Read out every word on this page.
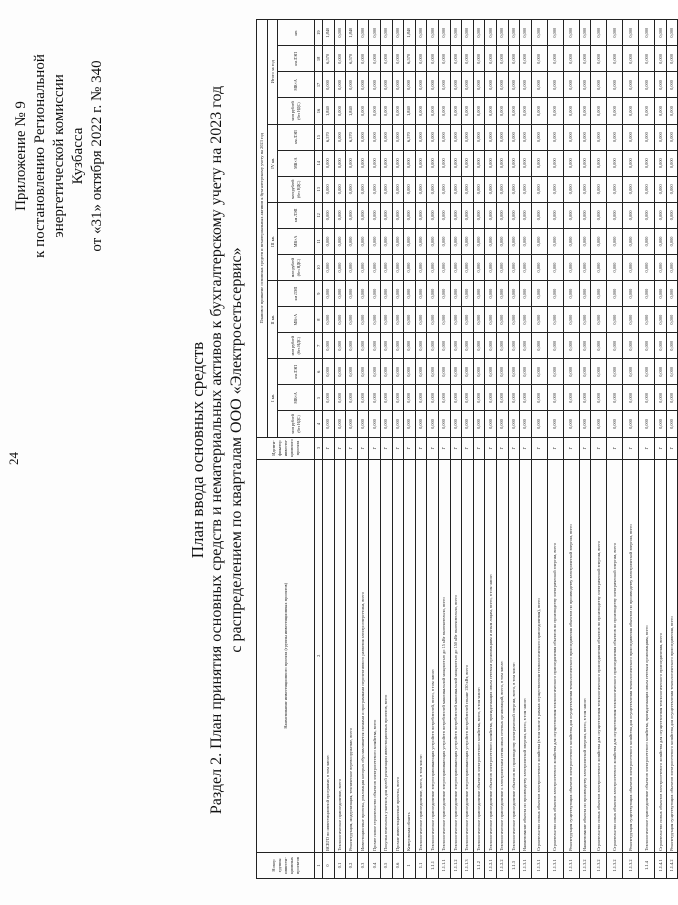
24
Приложение № 9 к постановлению Региональной энергетической комиссии Кузбасса от «31» октября 2022 г. № 340
План ввода основных средств Раздел 2. План принятия основных средств и нематериальных активов к бухгалтерскому учету на 2023 год с распределением по кварталам ООО «Электросетьсервис»
Номер группы инвести-ционных проектов	Наименование инвестиционного проекта (группы инвестиционных проектов)	Иденти-фикатор инвести-ционного проекта	Плановое принятие основных средств и нематериальных активов к бухгалтерскому учету на 2023 год															
			I кв.			II кв.			III кв.			IV кв.			Итого за год			
			млн рублей (без НДС)	МВ×А	км ЛЭП	млн рублей (без НДС)	МВ×А	км ЛЭП	млн рублей (без НДС)	МВ×А	км ЛЭП	млн рублей (без НДС)	МВ×А	км ЛЭП	млн рублей (без НДС)	МВ×А	км ЛЭП	шт.
1	2	3	4	5	6	7	8	9	10	11	12	13	14	15	16	17	18	19
0	ВСЕГО по инвестиционной программе, в том числе:	Г	0,000	0,000	0,000	0,000	0,000	0,000	0,000	0,000	0,000	0,000	0,000	6,570	1,840	0,000	6,570	1,840
0.1	Технологическое присоединение, всего	Г	0,000	0,000	0,000	0,000	0,000	0,000	0,000	0,000	0,000	0,000	0,000	0,000	0,000	0,000	0,000	0,000
0.2	Реконструкция, модернизация, техническое перевооружение, всего	Г	0,000	0,000	0,000	0,000	0,000	0,000	0,000	0,000	0,000	0,000	0,000	6,570	1,840	0,000	6,570	1,840
0.3	Инвестиционные проекты, реализация которых обуславливается схемами и программами перспективного развития электроэнергетики, всего	Г	0,000	0,000	0,000	0,000	0,000	0,000	0,000	0,000	0,000	0,000	0,000	0,000	0,000	0,000	0,000	0,000
0.4	Прочее новое строительство объектов электросетевого хозяйства, всего	Г	0,000	0,000	0,000	0,000	0,000	0,000	0,000	0,000	0,000	0,000	0,000	0,000	0,000	0,000	0,000	0,000
0.5	Покупка земельных участков для целей реализации инвестиционных проектов, всего	Г	0,000	0,000	0,000	0,000	0,000	0,000	0,000	0,000	0,000	0,000	0,000	0,000	0,000	0,000	0,000	0,000
0.6	Прочие инвестиционные проекты, всего	Г	0,000	0,000	0,000	0,000	0,000	0,000	0,000	0,000	0,000	0,000	0,000	0,000	0,000	0,000	0,000	0,000
1	Кемеровская область	Г	0,000	0,000	0,000	0,000	0,000	0,000	0,000	0,000	0,000	0,000	0,000	6,570	1,840	0,000	6,570	1,840
1.1	Технологическое присоединение, всего, в том числе:	Г	0,000	0,000	0,000	0,000	0,000	0,000	0,000	0,000	0,000	0,000	0,000	0,000	0,000	0,000	0,000	0,000
1.1.1	Технологическое присоединение энергопринимающих устройств потребителей, всего, в том числе:	Г	0,000	0,000	0,000	0,000	0,000	0,000	0,000	0,000	0,000	0,000	0,000	0,000	0,000	0,000	0,000	0,000
1.1.1.1	Технологическое присоединение энергопринимающих устройств потребителей максимальной мощностью до 15 кВт включительно, всего	Г	0,000	0,000	0,000	0,000	0,000	0,000	0,000	0,000	0,000	0,000	0,000	0,000	0,000	0,000	0,000	0,000
1.1.1.2	Технологическое присоединение энергопринимающих устройств потребителей максимальной мощностью до 150 кВт включительно, всего	Г	0,000	0,000	0,000	0,000	0,000	0,000	0,000	0,000	0,000	0,000	0,000	0,000	0,000	0,000	0,000	0,000
1.1.1.3	Технологическое присоединение энергопринимающих устройств потребителей свыше 150 кВт, всего	Г	0,000	0,000	0,000	0,000	0,000	0,000	0,000	0,000	0,000	0,000	0,000	0,000	0,000	0,000	0,000	0,000
1.1.2	Технологическое присоединение объектов электросетевого хозяйства, всего, в том числе:	Г	0,000	0,000	0,000	0,000	0,000	0,000	0,000	0,000	0,000	0,000	0,000	0,000	0,000	0,000	0,000	0,000
1.1.2.1	Технологическое присоединение объектов электросетевого хозяйства, принадлежащих иным сетевым организациям и иным лицам, всего, в том числе:	Г	0,000	0,000	0,000	0,000	0,000	0,000	0,000	0,000	0,000	0,000	0,000	0,000	0,000	0,000	0,000	0,000
1.1.2.2	Технологическое присоединение к электрическим сетям иных сетевых организаций, всего, в том числе:	Г	0,000	0,000	0,000	0,000	0,000	0,000	0,000	0,000	0,000	0,000	0,000	0,000	0,000	0,000	0,000	0,000
1.1.3	Технологическое присоединение объектов по производству электрической энергии, всего, в том числе:	Г	0,000	0,000	0,000	0,000	0,000	0,000	0,000	0,000	0,000	0,000	0,000	0,000	0,000	0,000	0,000	0,000
1.1.3.1	Наименование объекта по производству электрической энергии, всего, в том числе:	Г	0,000	0,000	0,000	0,000	0,000	0,000	0,000	0,000	0,000	0,000	0,000	0,000	0,000	0,000	0,000	0,000
1.1.3.1	Строительство новых объектов электросетевого хозяйства (в том числе в рамках осуществления технологического присоединения), всего	Г	0,000	0,000	0,000	0,000	0,000	0,000	0,000	0,000	0,000	0,000	0,000	0,000	0,000	0,000	0,000	0,000
1.1.3.1	Строительство иных объектов электросетевого хозяйства для осуществления технологического присоединения объектов по производству электрической энергии, всего	Г	0,000	0,000	0,000	0,000	0,000	0,000	0,000	0,000	0,000	0,000	0,000	0,000	0,000	0,000	0,000	0,000
1.1.3.1	Реконструкция существующих объектов электросетевого хозяйства для осуществления технологического присоединения объектов по производству электрической энергии, всего	Г	0,000	0,000	0,000	0,000	0,000	0,000	0,000	0,000	0,000	0,000	0,000	0,000	0,000	0,000	0,000	0,000
1.1.3.2	Наименование объекта по производству электрической энергии, всего, в том числе:	Г	0,000	0,000	0,000	0,000	0,000	0,000	0,000	0,000	0,000	0,000	0,000	0,000	0,000	0,000	0,000	0,000
1.1.3.2	Строительство новых объектов электросетевого хозяйства для осуществления технологического присоединения объектов по производству электрической энергии, всего	Г	0,000	0,000	0,000	0,000	0,000	0,000	0,000	0,000	0,000	0,000	0,000	0,000	0,000	0,000	0,000	0,000
1.1.3.2	Строительство иных объектов электросетевого хозяйства для осуществления технологического присоединения объектов по производству электрической энергии, всего	Г	0,000	0,000	0,000	0,000	0,000	0,000	0,000	0,000	0,000	0,000	0,000	0,000	0,000	0,000	0,000	0,000
1.1.3.2	Реконструкция существующих объектов электросетевого хозяйства для осуществления технологического присоединения объектов по производству электрической энергии, всего	Г	0,000	0,000	0,000	0,000	0,000	0,000	0,000	0,000	0,000	0,000	0,000	0,000	0,000	0,000	0,000	0,000
1.1.4	Технологическое присоединение объектов электросетевого хозяйства, принадлежащих иным сетевым организациям, всего	Г	0,000	0,000	0,000	0,000	0,000	0,000	0,000	0,000	0,000	0,000	0,000	0,000	0,000	0,000	0,000	0,000
1.1.4.1	Строительство новых объектов электросетевого хозяйства для осуществления технологического присоединения, всего	Г	0,000	0,000	0,000	0,000	0,000	0,000	0,000	0,000	0,000	0,000	0,000	0,000	0,000	0,000	0,000	0,000
1.1.4.2	Реконструкция существующих объектов электросетевого хозяйства для осуществления технологического присоединения, всего	Г	0,000	0,000	0,000	0,000	0,000	0,000	0,000	0,000	0,000	0,000	0,000	0,000	0,000	0,000	0,000	0,000
